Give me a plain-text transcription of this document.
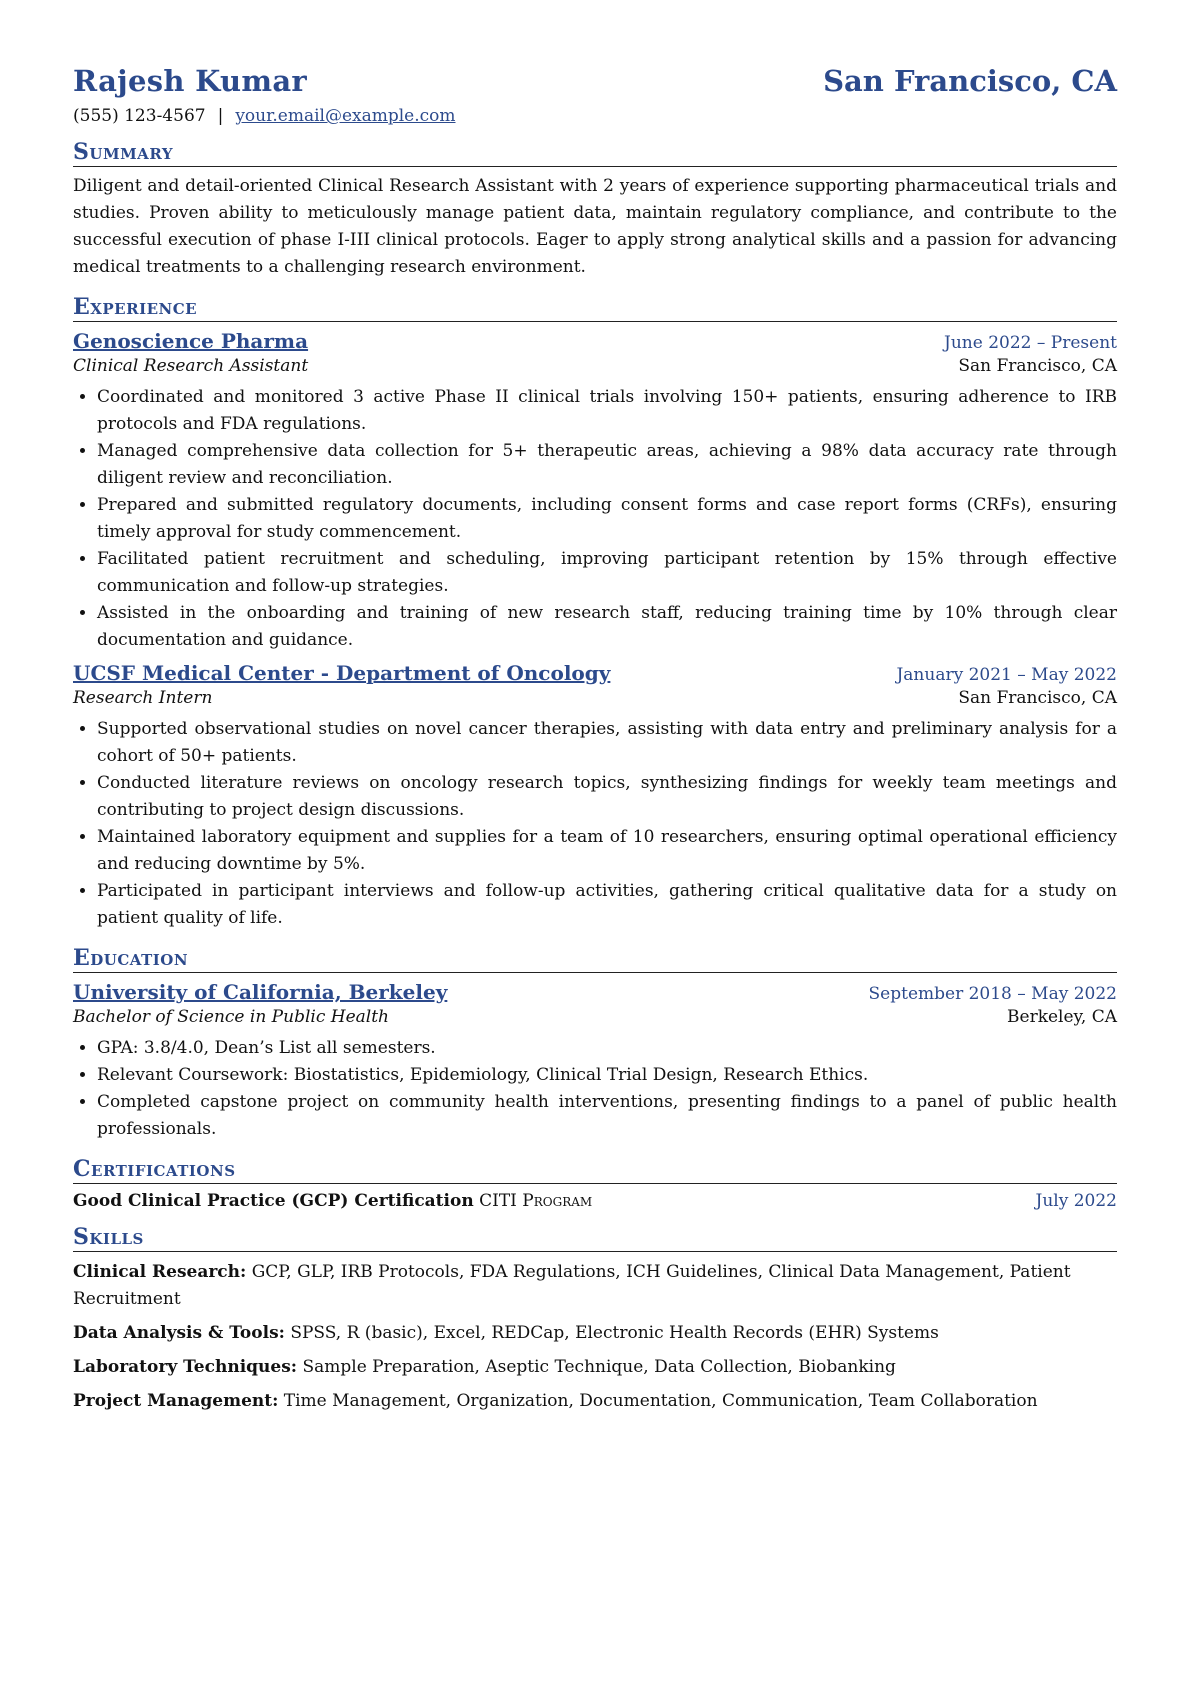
Rajesh Kumar	San Francisco, CA
(555) 123-4567 | your.email@example.com
Summary
Diligent and detail-oriented Clinical Research Assistant with 2 years of experience supporting pharmaceutical trials and studies. Proven ability to meticulously manage patient data, maintain regulatory compliance, and contribute to the successful execution of phase I-III clinical protocols. Eager to apply strong analytical skills and a passion for advancing medical treatments to a challenging research environment.
Experience
Genoscience Pharma	June 2022 – Present
Clinical Research Assistant	San Francisco, CA
• Coordinated and monitored 3 active Phase II clinical trials involving 150+ patients, ensuring adherence to IRB protocols and FDA regulations.
• Managed comprehensive data collection for 5+ therapeutic areas, achieving a 98% data accuracy rate through diligent review and reconciliation.
• Prepared and submitted regulatory documents, including consent forms and case report forms (CRFs), ensuring timely approval for study commencement.
• Facilitated patient recruitment and scheduling, improving participant retention by 15% through effective communication and follow-up strategies.
• Assisted in the onboarding and training of new research staff, reducing training time by 10% through clear documentation and guidance.
UCSF Medical Center - Department of Oncology	January 2021 – May 2022
Research Intern	San Francisco, CA
• Supported observational studies on novel cancer therapies, assisting with data entry and preliminary analysis for a cohort of 50+ patients.
• Conducted literature reviews on oncology research topics, synthesizing findings for weekly team meetings and contributing to project design discussions.
• Maintained laboratory equipment and supplies for a team of 10 researchers, ensuring optimal operational efficiency and reducing downtime by 5%.
• Participated in participant interviews and follow-up activities, gathering critical qualitative data for a study on patient quality of life.
Education
University of California, Berkeley	September 2018 – May 2022
Bachelor of Science in Public Health	Berkeley, CA
• GPA: 3.8/4.0, Dean’s List all semesters.
• Relevant Coursework: Biostatistics, Epidemiology, Clinical Trial Design, Research Ethics.
• Completed capstone project on community health interventions, presenting findings to a panel of public health professionals.
Certifications
Good Clinical Practice (GCP) Certification CITI Program	July 2022
Skills
Clinical Research: GCP, GLP, IRB Protocols, FDA Regulations, ICH Guidelines, Clinical Data Management, Patient Recruitment
Data Analysis & Tools: SPSS, R (basic), Excel, REDCap, Electronic Health Records (EHR) Systems
Laboratory Techniques: Sample Preparation, Aseptic Technique, Data Collection, Biobanking
Project Management: Time Management, Organization, Documentation, Communication, Team Collaboration
